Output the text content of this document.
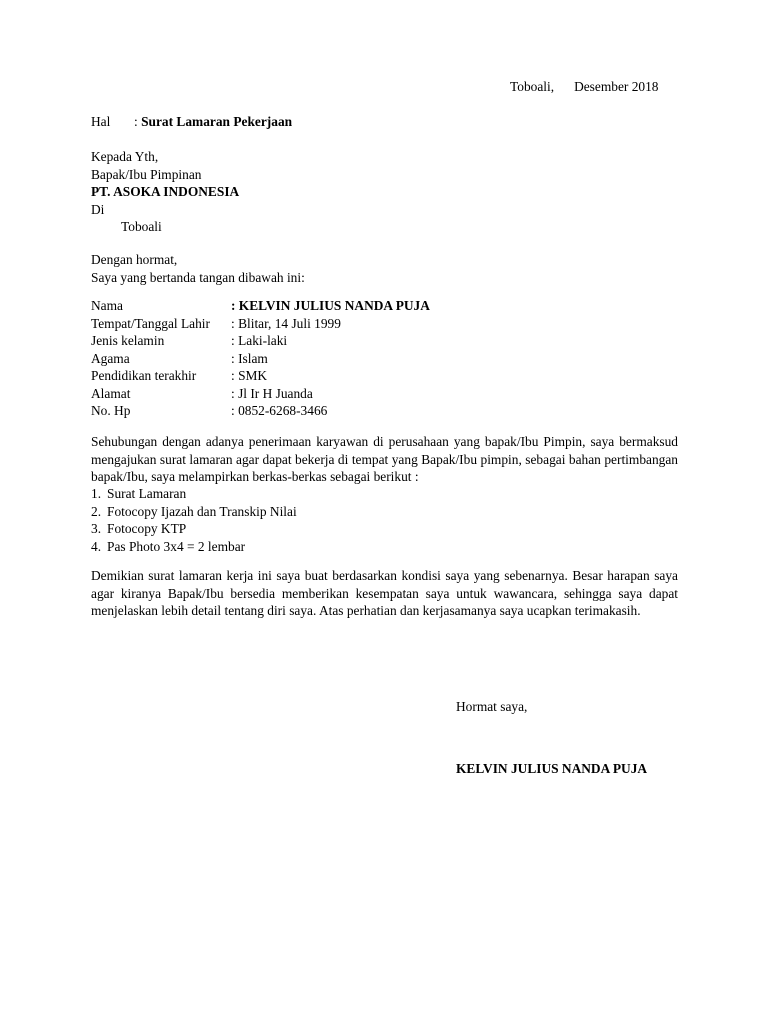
Toboali, Desember 2018
Hal : Surat Lamaran Pekerjaan
Kepada Yth,
Bapak/Ibu Pimpinan
PT. ASOKA INDONESIA
Di
Toboali
Dengan hormat,
Saya yang bertanda tangan dibawah ini:
Nama	: KELVIN JULIUS NANDA PUJA
Tempat/Tanggal Lahir	: Blitar, 14 Juli 1999
Jenis kelamin	: Laki-laki
Agama	: Islam
Pendidikan terakhir	: SMK
Alamat	: Jl Ir H Juanda
No. Hp	: 0852-6268-3466
Sehubungan dengan adanya penerimaan karyawan di perusahaan yang bapak/Ibu Pimpin, saya bermaksud mengajukan surat lamaran agar dapat bekerja di tempat yang Bapak/Ibu pimpin, sebagai bahan pertimbangan bapak/Ibu, saya melampirkan berkas-berkas sebagai berikut :
1. Surat Lamaran
2. Fotocopy Ijazah dan Transkip Nilai
3. Fotocopy KTP
4. Pas Photo 3x4 = 2 lembar
Demikian surat lamaran kerja ini saya buat berdasarkan kondisi saya yang sebenarnya. Besar harapan saya agar kiranya Bapak/Ibu bersedia memberikan kesempatan saya untuk wawancara, sehingga saya dapat menjelaskan lebih detail tentang diri saya. Atas perhatian dan kerjasamanya saya ucapkan terimakasih.
Hormat saya,
KELVIN JULIUS NANDA PUJA
